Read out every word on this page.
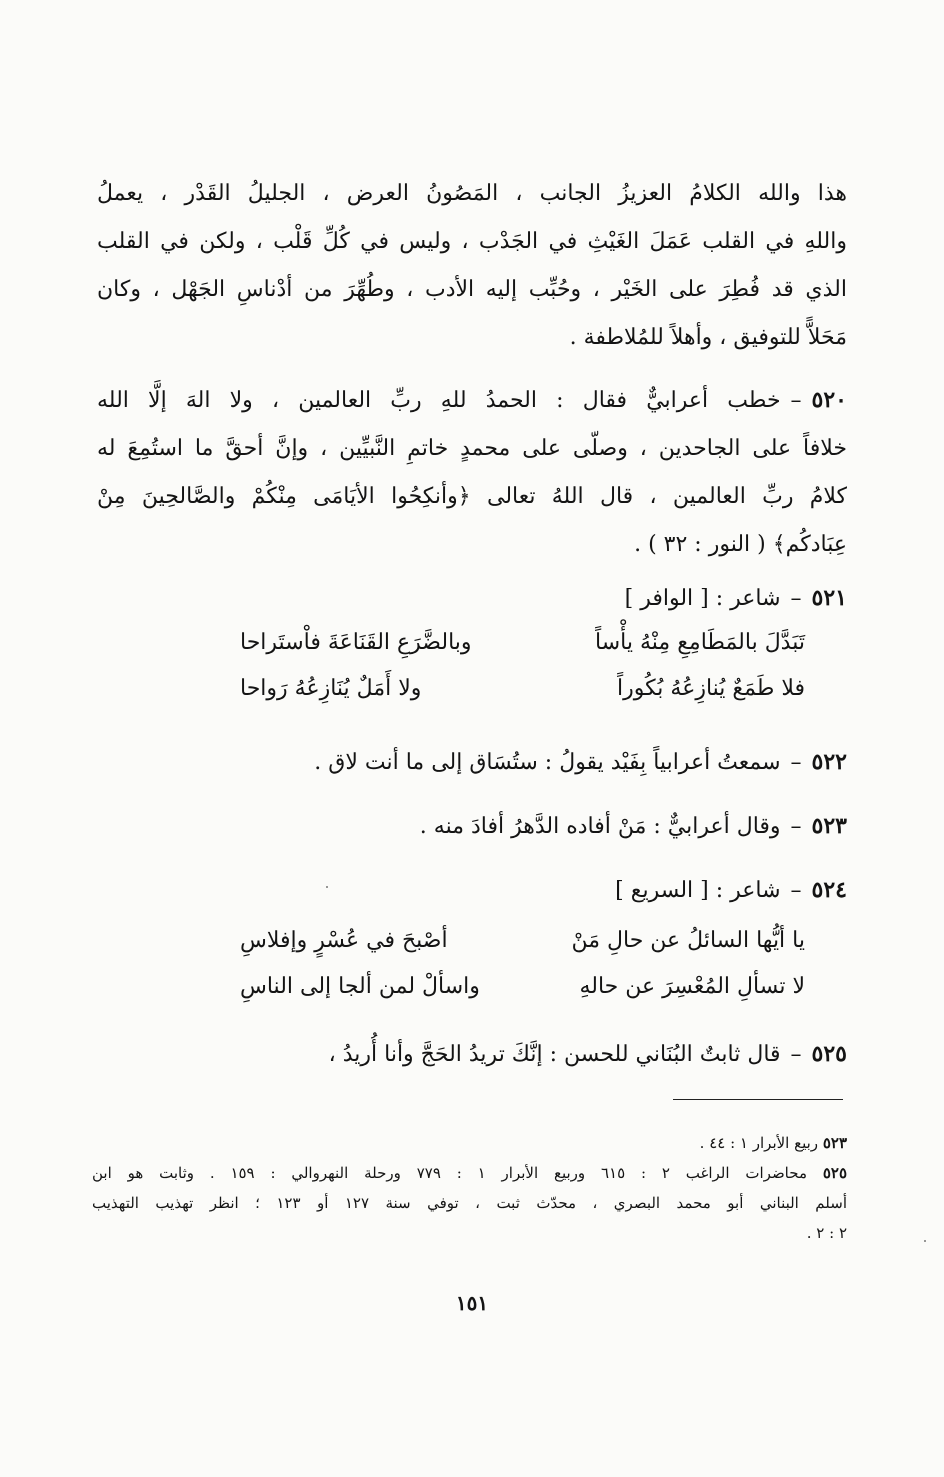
هذا والله الكلامُ العزيزُ الجانب ، المَصُونُ العرض ، الجليلُ القَدْر ، يعملُ

واللهِ في القلب عَمَلَ الغَيْثِ في الجَدْب ، وليس في كُلِّ قَلْب ، ولكن في القلب

الذي قد فُطِرَ على الخَيْر ، وحُبِّب إليه الأدب ، وطُهِّرَ من أدْناسِ الجَهْل ، وكان

مَحَلاًّ للتوفيق ، وأهلاً للمُلاطفة .

٥٢٠–خطب أعرابيٌّ فقال : الحمدُ للهِ ربِّ العالمين ، ولا الهَ إلَّا الله

خلافاً على الجاحدين ، وصلّى على محمدٍ خاتمِ النَّبيِّين ، وإنَّ أحقَّ ما استُمِعَ له

كلامُ ربِّ العالمين ، قال اللهُ تعالى ﴿وأنكِحُوا الأيَامَى مِنْكُمْ والصَّالحِينَ مِنْ

عِبَادكُم﴾ ( النور : ٣٢ ) .

٥٢١–شاعر : [ الوافر ]

تَبَدَّلَ بالمَطَامِعِ مِنْهُ يأْساً
وبالضَّرَعِ القَنَاعَةَ فاْستَراحا
فلا طَمَعٌ يُنازِعُهُ بُكُوراً
ولا أَمَلٌ يُنَازِعُهُ رَواحا

٥٢٢–سمعتُ أعرابياً بِفَيْد يقولُ : ستُسَاق إلى ما أنت لاق .

٥٢٣–وقال أعرابيٌّ : مَنْ أفاده الدَّهرُ أفادَ منه .

٥٢٤–شاعر : [ السريع ]

يا أيُّها السائلُ عن حالِ مَنْ
أصْبحَ في عُسْرٍ وإفلاسِ
لا تسألِ المُعْسِرَ عن حالهِ
واسألْ لمن ألجا إلى الناسِ

٥٢٥–قال ثابتٌ البُنَاني للحسن : إنَّكَ تريدُ الحَجَّ وأنا أُريدُ ،

٥٢٣ ربيع الأبرار ١ : ٤٤ .

٥٢٥ محاضرات الراغب ٢ : ٦١٥ وربيع الأبرار ١ : ٧٧٩ ورحلة النهروالي : ١٥٩ . وثابت هو ابن

أسلم البناني أبو محمد البصري ، محدّث ثبت ، توفي سنة ١٢٧ أو ١٢٣ ؛ انظر تهذيب التهذيب

٢ : ٢ .

١٥١
